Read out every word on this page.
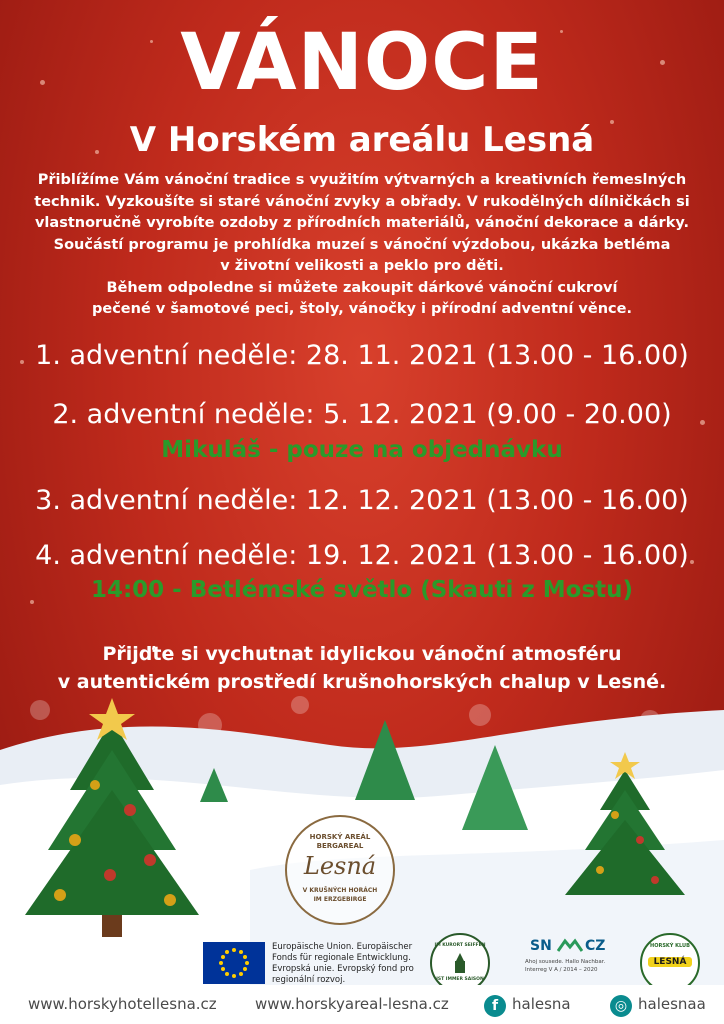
VÁNOCE
V Horském areálu Lesná
Přiblížíme Vám vánoční tradice s využitím výtvarných a kreativních řemeslných
technik. Vyzkoušíte si staré vánoční zvyky a obřady. V rukodělných dílničkách si
vlastnoručně vyrobíte ozdoby z přírodních materiálů, vánoční dekorace a dárky.
Součástí programu je prohlídka muzeí s vánoční výzdobou, ukázka betléma
v životní velikosti a peklo pro děti.
Během odpoledne si můžete zakoupit dárkové vánoční cukroví
pečené v šamotové peci, štoly, vánočky i přírodní adventní věnce.
1. adventní neděle: 28. 11. 2021 (13.00 - 16.00)
2. adventní neděle: 5. 12. 2021 (9.00 - 20.00)
Mikuláš - pouze na objednávku
3. adventní neděle: 12. 12. 2021 (13.00 - 16.00)
4. adventní neděle: 19. 12. 2021 (13.00 - 16.00)
14:00 - Betlémské světlo (Skauti z Mostu)
Přijďte si vychutnat idylickou vánoční atmosféru
v autentickém prostředí krušnohorských chalup v Lesné.
HORSKÝ AREÁL
BERGAREAL
Lesná
V KRUŠNÝCH HORÁCH
IM ERZGEBIRGE
Europäische Union. Europäischer
Fonds für regionale Entwicklung.
Evropská unie. Evropský fond pro
regionální rozvoj.
IM KURORT SEIFFEN
IST IMMER SAISON
SN CZ
Ahoj sousede. Hallo Nachbar.
Interreg V A / 2014 – 2020
HORSKÝ KLUB
LESNÁ
www.horskyhotellesna.cz	www.horskyareal-lesna.cz	f halesna	◎ halesnaa
